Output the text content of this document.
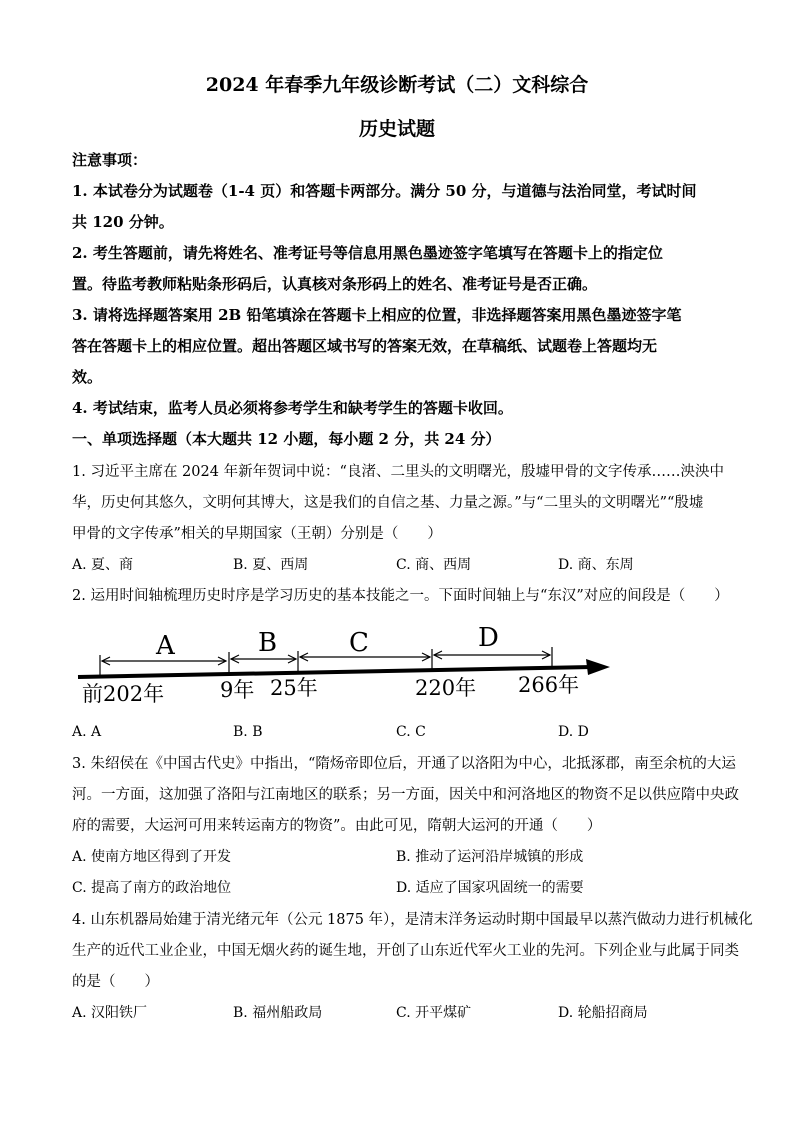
2024 年春季九年级诊断考试（二）文科综合
历史试题
注意事项：
1. 本试卷分为试题卷（1-4 页）和答题卡两部分。满分 50 分，与道德与法治同堂，考试时间
共 120 分钟。
2. 考生答题前，请先将姓名、准考证号等信息用黑色墨迹签字笔填写在答题卡上的指定位
置。待监考教师粘贴条形码后，认真核对条形码上的姓名、准考证号是否正确。
3. 请将选择题答案用 2B 铅笔填涂在答题卡上相应的位置，非选择题答案用黑色墨迹签字笔
答在答题卡上的相应位置。超出答题区域书写的答案无效，在草稿纸、试题卷上答题均无
效。
4. 考试结束，监考人员必须将参考学生和缺考学生的答题卡收回。
一、单项选择题（本大题共 12 小题，每小题 2 分，共 24 分）
1. 习近平主席在 2024 年新年贺词中说：“良渚、二里头的文明曙光，殷墟甲骨的文字传承……泱泱中
华，历史何其悠久，文明何其博大，这是我们的自信之基、力量之源。”与“二里头的文明曙光”“殷墟
甲骨的文字传承”相关的早期国家（王朝）分别是（　　）
A. 夏、商	B. 夏、西周	C. 商、西周	D. 商、东周
2. 运用时间轴梳理历史时序是学习历史的基本技能之一。下面时间轴上与“东汉”对应的间段是（　　）
A	B	C	D
前202年	9年 25年	220年 266年
A. A	B. B	C. C	D. D
3. 朱绍侯在《中国古代史》中指出，“隋炀帝即位后，开通了以洛阳为中心，北抵涿郡，南至余杭的大运
河。一方面，这加强了洛阳与江南地区的联系；另一方面，因关中和河洛地区的物资不足以供应隋中央政
府的需要，大运河可用来转运南方的物资”。由此可见，隋朝大运河的开通（　　）
A. 使南方地区得到了开发	B. 推动了运河沿岸城镇的形成
C. 提高了南方的政治地位	D. 适应了国家巩固统一的需要
4. 山东机器局始建于清光绪元年（公元 1875 年），是清末洋务运动时期中国最早以蒸汽做动力进行机械化
生产的近代工业企业，中国无烟火药的诞生地，开创了山东近代军火工业的先河。下列企业与此属于同类
的是（　　）
A. 汉阳铁厂	B. 福州船政局	C. 开平煤矿	D. 轮船招商局
